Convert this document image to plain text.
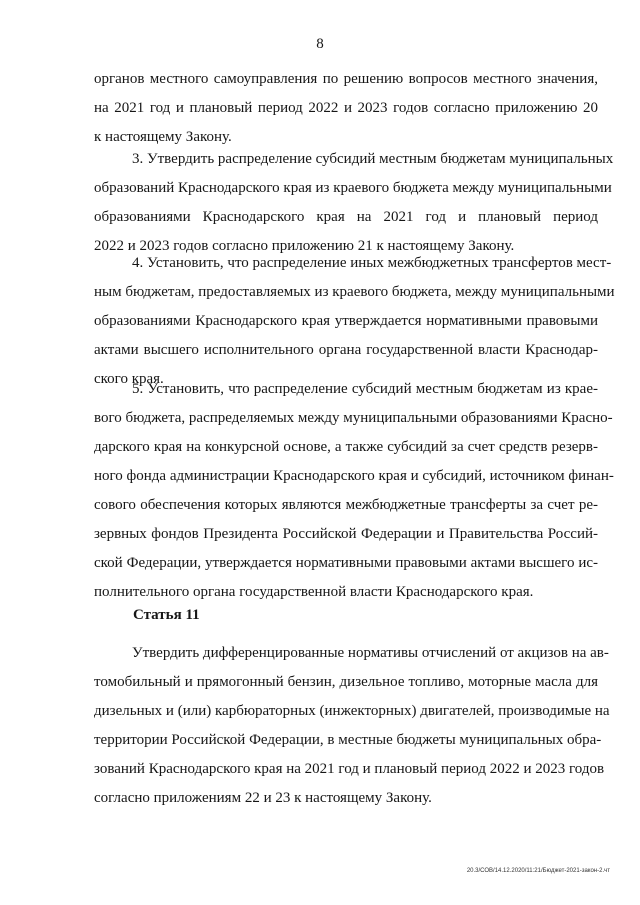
8
органов местного самоуправления по решению вопросов местного значения,
на 2021 год и плановый период 2022 и 2023 годов согласно приложению 20
к настоящему Закону.
3. Утвердить распределение субсидий местным бюджетам муниципальных
образований Краснодарского края из краевого бюджета между муниципальными
образованиями Краснодарского края на 2021 год и плановый период
2022 и 2023 годов согласно приложению 21 к настоящему Закону.
4. Установить, что распределение иных межбюджетных трансфертов мест-
ным бюджетам, предоставляемых из краевого бюджета, между муниципальными
образованиями Краснодарского края утверждается нормативными правовыми
актами высшего исполнительного органа государственной власти Краснодар-
ского края.
5. Установить, что распределение субсидий местным бюджетам из крае-
вого бюджета, распределяемых между муниципальными образованиями Красно-
дарского края на конкурсной основе, а также субсидий за счет средств резерв-
ного фонда администрации Краснодарского края и субсидий, источником финан-
сового обеспечения которых являются межбюджетные трансферты за счет ре-
зервных фондов Президента Российской Федерации и Правительства Россий-
ской Федерации, утверждается нормативными правовыми актами высшего ис-
полнительного органа государственной власти Краснодарского края.
Статья 11
Утвердить дифференцированные нормативы отчислений от акцизов на ав-
томобильный и прямогонный бензин, дизельное топливо, моторные масла для
дизельных и (или) карбюраторных (инжекторных) двигателей, производимые на
территории Российской Федерации, в местные бюджеты муниципальных обра-
зований Краснодарского края на 2021 год и плановый период 2022 и 2023 годов
согласно приложениям 22 и 23 к настоящему Закону.
20.3/СОВ/14.12.2020/11:21/Бюджет-2021-закон-2.чт
